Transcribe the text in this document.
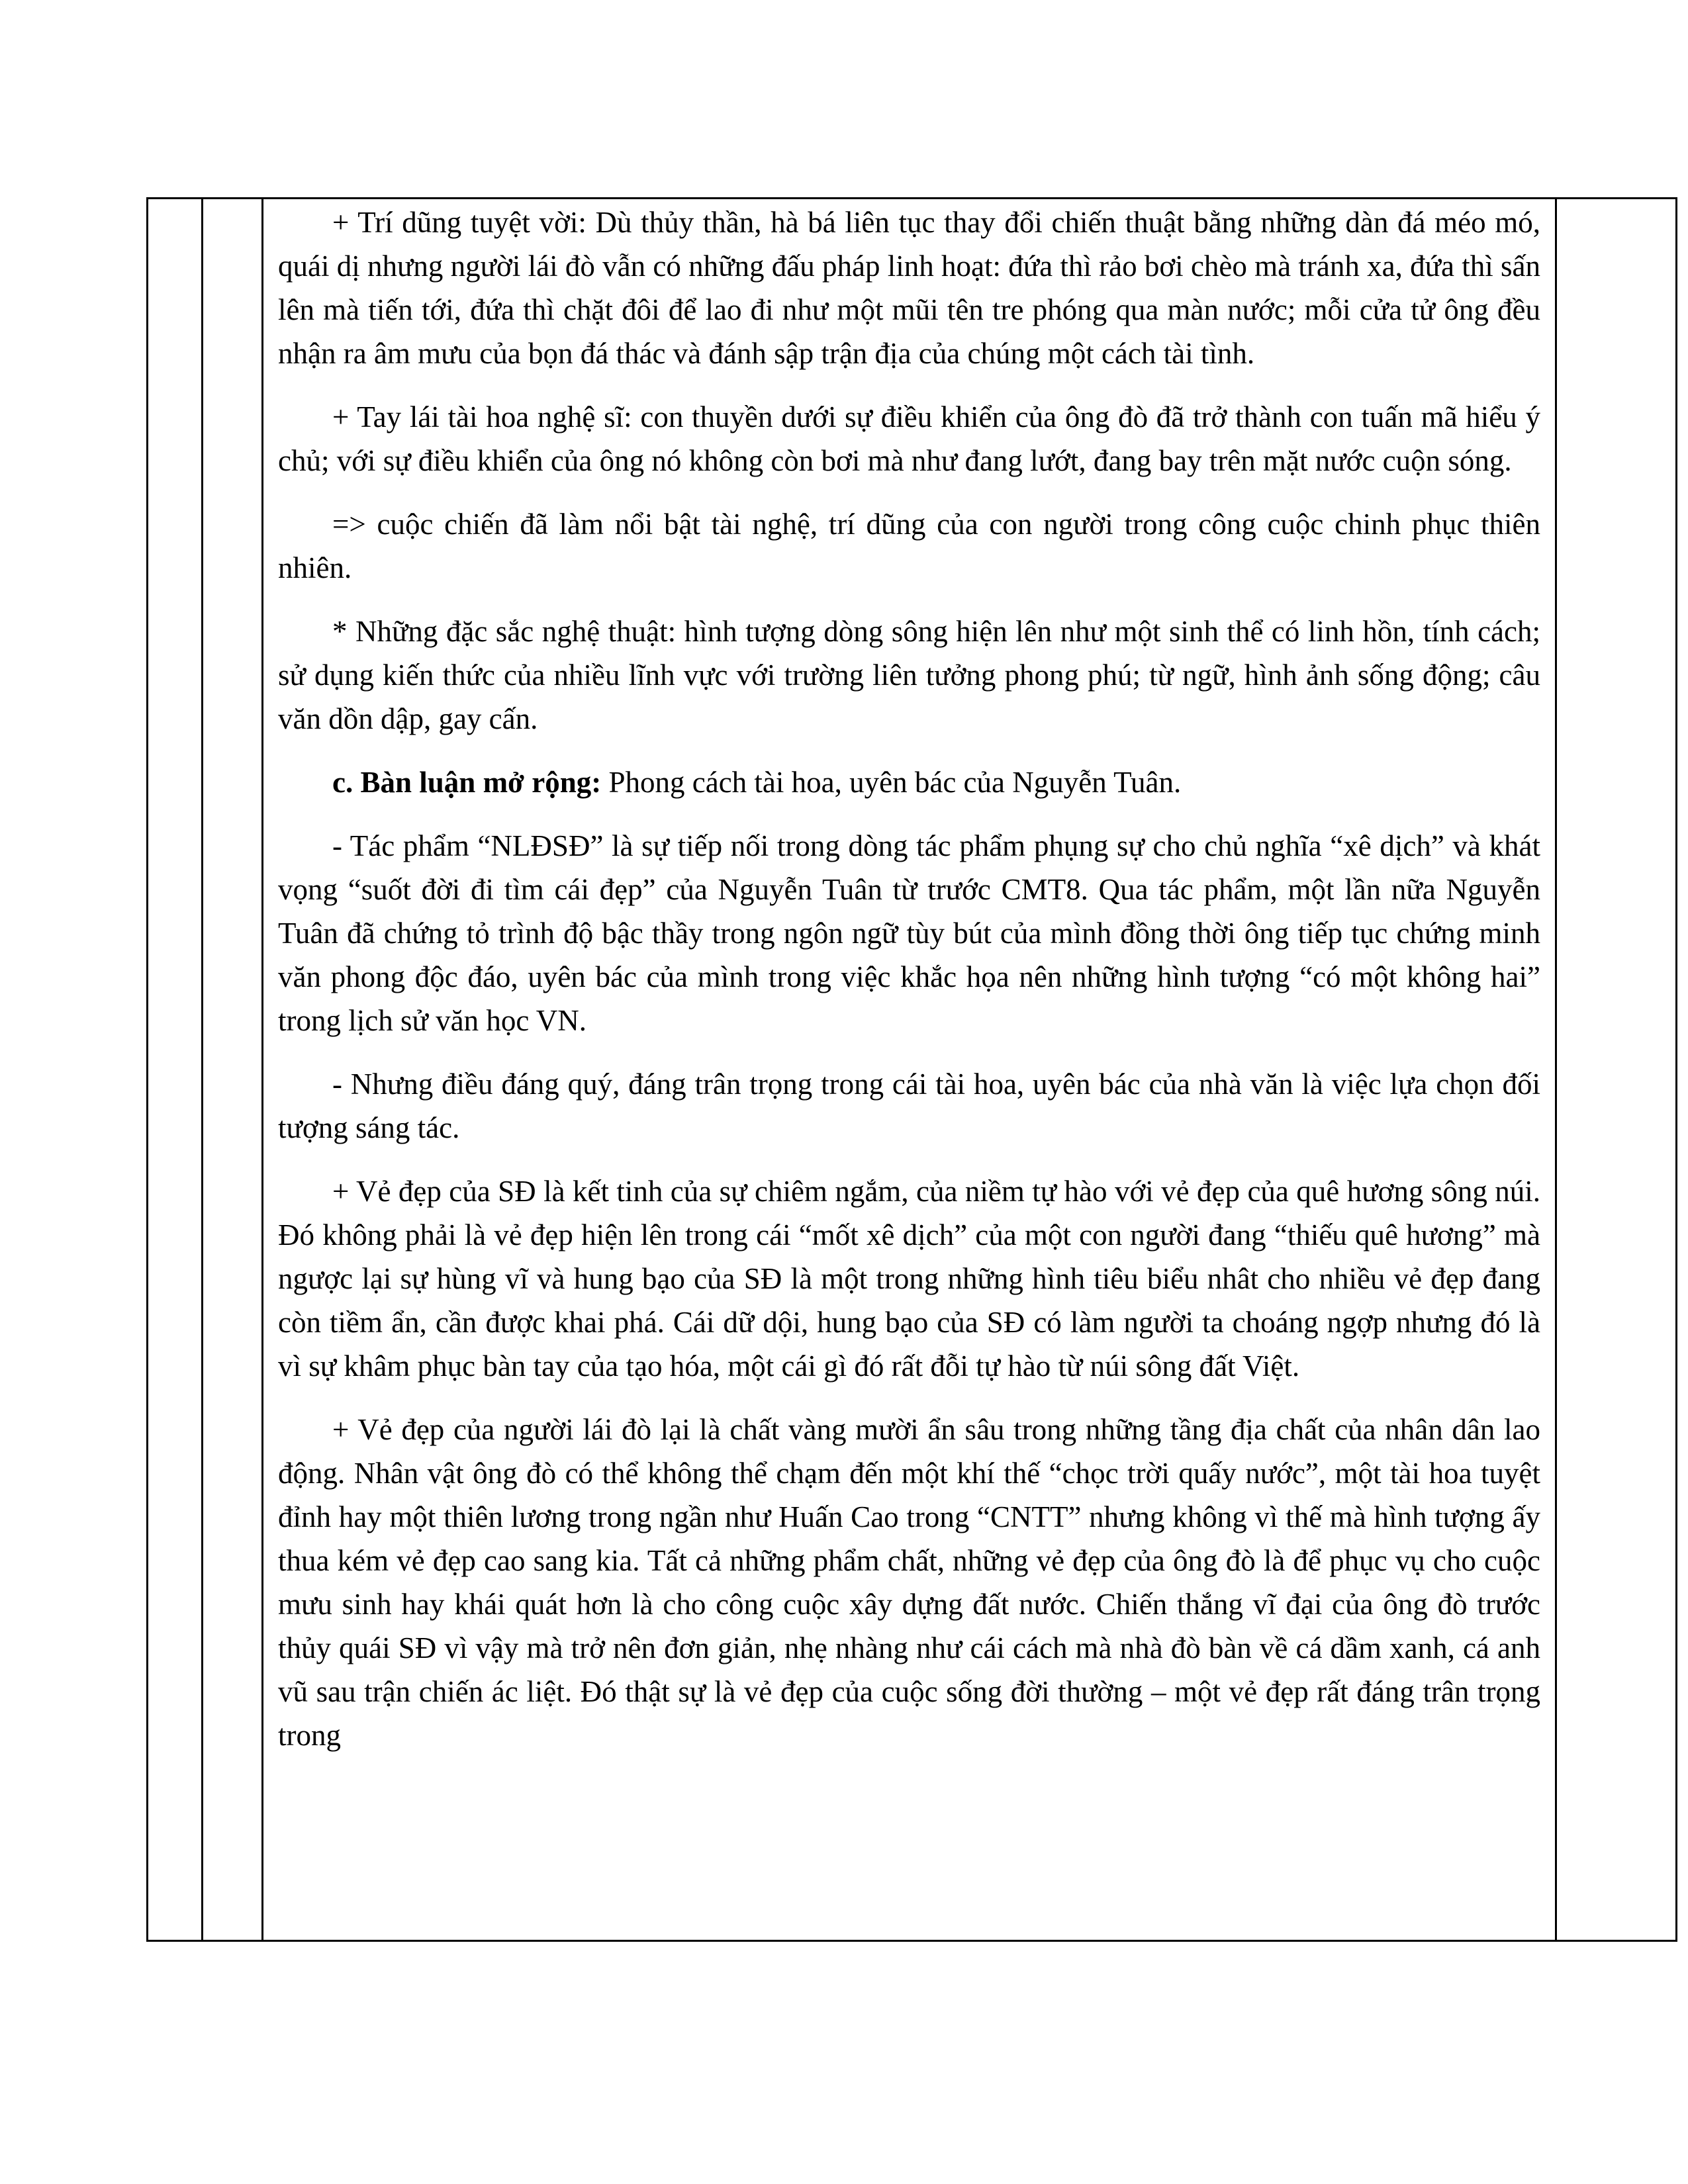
+ Trí dũng tuyệt vời: Dù thủy thần, hà bá liên tục thay đổi chiến thuật bằng những dàn đá méo mó, quái dị nhưng người lái đò vẫn có những đấu pháp linh hoạt: đứa thì rảo bơi chèo mà tránh xa, đứa thì sấn lên mà tiến tới, đứa thì chặt đôi để lao đi như một mũi tên tre phóng qua màn nước; mỗi cửa tử ông đều nhận ra âm mưu của bọn đá thác và đánh sập trận địa của chúng một cách tài tình.

+ Tay lái tài hoa nghệ sĩ: con thuyền dưới sự điều khiển của ông đò đã trở thành con tuấn mã hiểu ý chủ; với sự điều khiển của ông nó không còn bơi mà như đang lướt, đang bay trên mặt nước cuộn sóng.

=> cuộc chiến đã làm nổi bật tài nghệ, trí dũng của con người trong công cuộc chinh phục thiên nhiên.

* Những đặc sắc nghệ thuật: hình tượng dòng sông hiện lên như một sinh thể có linh hồn, tính cách; sử dụng kiến thức của nhiều lĩnh vực với trường liên tưởng phong phú; từ ngữ, hình ảnh sống động; câu văn dồn dập, gay cấn.

c. Bàn luận mở rộng: Phong cách tài hoa, uyên bác của Nguyễn Tuân.

- Tác phẩm “NLĐSĐ” là sự tiếp nối trong dòng tác phẩm phụng sự cho chủ nghĩa “xê dịch” và khát vọng “suốt đời đi tìm cái đẹp” của Nguyễn Tuân từ trước CMT8. Qua tác phẩm, một lần nữa Nguyễn Tuân đã chứng tỏ trình độ bậc thầy trong ngôn ngữ tùy bút của mình đồng thời ông tiếp tục chứng minh văn phong độc đáo, uyên bác của mình trong việc khắc họa nên những hình tượng “có một không hai” trong lịch sử văn học VN.

- Nhưng điều đáng quý, đáng trân trọng trong cái tài hoa, uyên bác của nhà văn là việc lựa chọn đối tượng sáng tác.

+ Vẻ đẹp của SĐ là kết tinh của sự chiêm ngắm, của niềm tự hào với vẻ đẹp của quê hương sông núi. Đó không phải là vẻ đẹp hiện lên trong cái “mốt xê dịch” của một con người đang “thiếu quê hương” mà ngược lại sự hùng vĩ và hung bạo của SĐ là một trong những hình tiêu biểu nhât cho nhiều vẻ đẹp đang còn tiềm ẩn, cần được khai phá. Cái dữ dội, hung bạo của SĐ có làm người ta choáng ngợp nhưng đó là vì sự khâm phục bàn tay của tạo hóa, một cái gì đó rất đỗi tự hào từ núi sông đất Việt.

+ Vẻ đẹp của người lái đò lại là chất vàng mười ẩn sâu trong những tầng địa chất của nhân dân lao động. Nhân vật ông đò có thể không thể chạm đến một khí thế “chọc trời quấy nước”, một tài hoa tuyệt đỉnh hay một thiên lương trong ngần như Huấn Cao trong “CNTT” nhưng không vì thế mà hình tượng ấy thua kém vẻ đẹp cao sang kia. Tất cả những phẩm chất, những vẻ đẹp của ông đò là để phục vụ cho cuộc mưu sinh hay khái quát hơn là cho công cuộc xây dựng đất nước. Chiến thắng vĩ đại của ông đò trước thủy quái SĐ vì vậy mà trở nên đơn giản, nhẹ nhàng như cái cách mà nhà đò bàn về cá dầm xanh, cá anh vũ sau trận chiến ác liệt. Đó thật sự là vẻ đẹp của cuộc sống đời thường – một vẻ đẹp rất đáng trân trọng trong
